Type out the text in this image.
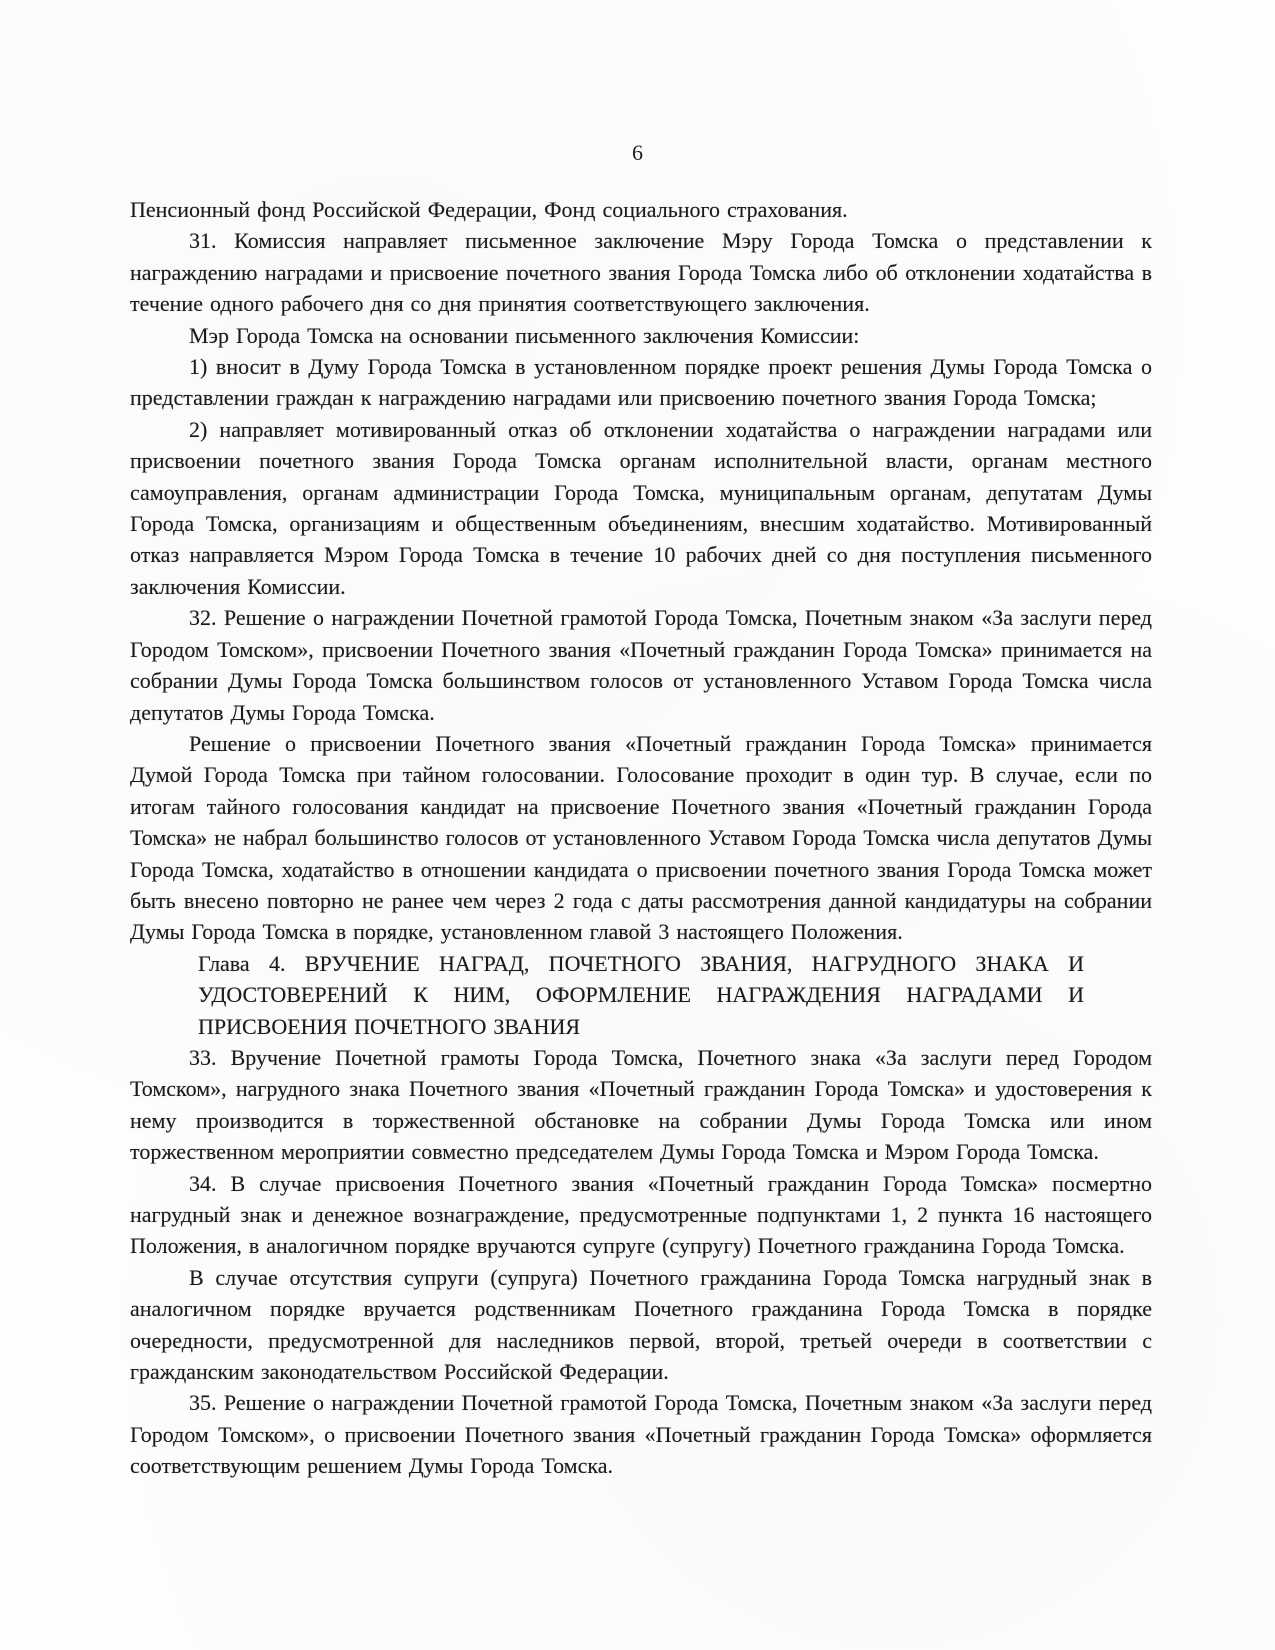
6

Пенсионный фонд Российской Федерации, Фонд социального страхования.

31. Комиссия направляет письменное заключение Мэру Города Томска о представлении к награждению наградами и присвоение почетного звания Города Томска либо об отклонении ходатайства в течение одного рабочего дня со дня принятия соответствующего заключения.

Мэр Города Томска на основании письменного заключения Комиссии:

1) вносит в Думу Города Томска в установленном порядке проект решения Думы Города Томска о представлении граждан к награждению наградами или присвоению почетного звания Города Томска;

2) направляет мотивированный отказ об отклонении ходатайства о награждении наградами или присвоении почетного звания Города Томска органам исполнительной власти, органам местного самоуправления, органам администрации Города Томска, муниципальным органам, депутатам Думы Города Томска, организациям и общественным объединениям, внесшим ходатайство. Мотивированный отказ направляется Мэром Города Томска в течение 10 рабочих дней со дня поступления письменного заключения Комиссии.

32. Решение о награждении Почетной грамотой Города Томска, Почетным знаком «За заслуги перед Городом Томском», присвоении Почетного звания «Почетный гражданин Города Томска» принимается на собрании Думы Города Томска большинством голосов от установленного Уставом Города Томска числа депутатов Думы Города Томска.

Решение о присвоении Почетного звания «Почетный гражданин Города Томска» принимается Думой Города Томска при тайном голосовании. Голосование проходит в один тур. В случае, если по итогам тайного голосования кандидат на присвоение Почетного звания «Почетный гражданин Города Томска» не набрал большинство голосов от установленного Уставом Города Томска числа депутатов Думы Города Томска, ходатайство в отношении кандидата о присвоении почетного звания Города Томска может быть внесено повторно не ранее чем через 2 года с даты рассмотрения данной кандидатуры на собрании Думы Города Томска в порядке, установленном главой 3 настоящего Положения.

Глава 4. ВРУЧЕНИЕ НАГРАД, ПОЧЕТНОГО ЗВАНИЯ, НАГРУДНОГО ЗНАКА И УДОСТОВЕРЕНИЙ К НИМ, ОФОРМЛЕНИЕ НАГРАЖДЕНИЯ НАГРАДАМИ И ПРИСВОЕНИЯ ПОЧЕТНОГО ЗВАНИЯ

33. Вручение Почетной грамоты Города Томска, Почетного знака «За заслуги перед Городом Томском», нагрудного знака Почетного звания «Почетный гражданин Города Томска» и удостоверения к нему производится в торжественной обстановке на собрании Думы Города Томска или ином торжественном мероприятии совместно председателем Думы Города Томска и Мэром Города Томска.

34. В случае присвоения Почетного звания «Почетный гражданин Города Томска» посмертно нагрудный знак и денежное вознаграждение, предусмотренные подпунктами 1, 2 пункта 16 настоящего Положения, в аналогичном порядке вручаются супруге (супругу) Почетного гражданина Города Томска.

В случае отсутствия супруги (супруга) Почетного гражданина Города Томска нагрудный знак в аналогичном порядке вручается родственникам Почетного гражданина Города Томска в порядке очередности, предусмотренной для наследников первой, второй, третьей очереди в соответствии с гражданским законодательством Российской Федерации.

35. Решение о награждении Почетной грамотой Города Томска, Почетным знаком «За заслуги перед Городом Томском», о присвоении Почетного звания «Почетный гражданин Города Томска» оформляется соответствующим решением Думы Города Томска.
